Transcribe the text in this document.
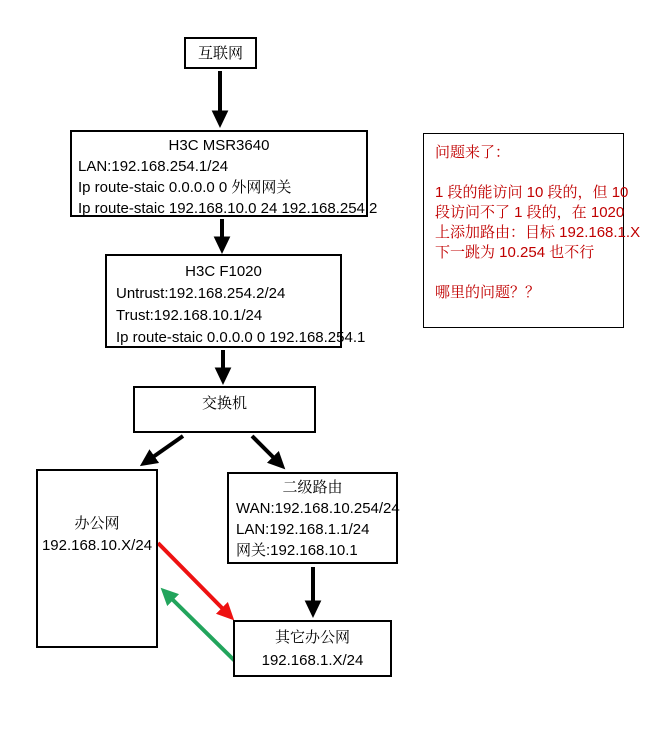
互联网
H3C MSR3640
LAN:192.168.254.1/24
Ip route-staic 0.0.0.0 0 外网网关
Ip route-staic 192.168.10.0 24 192.168.254.2
H3C F1020
Untrust:192.168.254.2/24
Trust:192.168.10.1/24
Ip route-staic 0.0.0.0 0 192.168.254.1
交换机
办公网
192.168.10.X/24
二级路由
WAN:192.168.10.254/24
LAN:192.168.1.1/24
网关:192.168.10.1
其它办公网
192.168.1.X/24
问题来了：
1 段的能访问 10 段的，但 10
段访问不了 1 段的，在 1020
上添加路由：目标 192.168.1.X
下一跳为 10.254 也不行
哪里的问题？？
